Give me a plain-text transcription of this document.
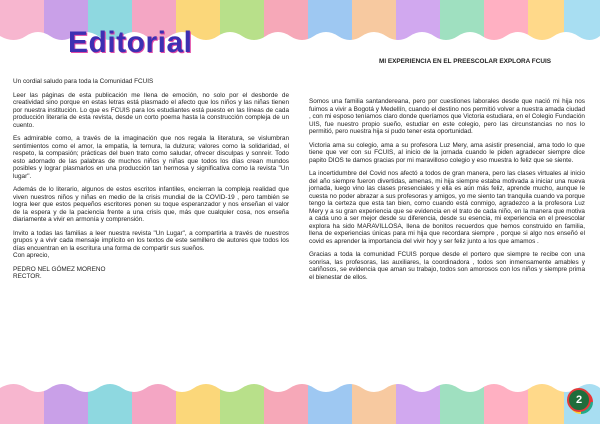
Editorial
MI EXPERIENCIA EN EL PREESCOLAR EXPLORA FCUIS

Un cordial saludo para toda la Comunidad FCUIS

Leer las páginas de esta publicación me llena de emoción, no solo por el desborde de creatividad sino porque en estas letras está plasmado el afecto que los niños y las niñas tienen por nuestra institución. Lo que es FCUIS para los estudiantes está puesto en las líneas de cada producción literaria de esta revista, desde un corto poema hasta la construcción compleja de un cuento.

Es admirable como, a través de la imaginación que nos regala la literatura, se vislumbran sentimientos como el amor, la empatía, la ternura, la dulzura; valores como la solidaridad, el respeto, la compasión; prácticas del buen trato como saludar, ofrecer disculpas y sonreír. Todo esto adornado de las palabras de muchos niños y niñas que todos los días crean mundos posibles y lograr plasmarlos en una producción tan hermosa y significativa como la revista "Un lugar".

Además de lo literario, algunos de estos escritos infantiles, encierran la compleja realidad que viven nuestros niños y niñas en medio de la crisis mundial de la COVID-19 , pero también se logra leer que estos pequeños escritores ponen su toque esperanzador y nos enseñan el valor de la espera y de la paciencia frente a una crisis que, más que cualquier cosa, nos enseña diariamente a vivir en armonía y comprensión.

Invito a todas las familias a leer nuestra revista "Un Lugar", a compartirla a través de nuestros grupos y a vivir cada mensaje implícito en los textos de este semillero de autores que todos los días encuentran en la escritura una forma de compartir sus sueños.

Con aprecio,

PEDRO NEL GÓMEZ MORENO

RECTOR.

Somos una familia santandereana, pero por cuestiones laborales desde que nació mi hija nos fuimos a vivir a Bogotá y Medellín, cuando el destino nos permitió volver a nuestra amada ciudad , con mi esposo teníamos claro donde queríamos que Victoria estudiara, en el Colegio Fundación UIS, fue nuestro propio sueño, estudiar en este colegio, pero las circunstancias no nos lo permitió, pero nuestra hija si pudo tener esta oportunidad.

Victoria ama su colegio, ama a su profesora Luz Mery, ama asistir presencial, ama todo lo que tiene que ver con su FCUIS, al inicio de la jornada cuando le piden agradecer siempre dice papito DIOS te damos gracias por mi maravilloso colegio y eso muestra lo feliz que se siente.

La incertidumbre del Covid nos afectó a todos de gran manera, pero las clases virtuales al inicio del año siempre fueron divertidas, amenas, mi hija siempre estaba motivada a iniciar una nueva jornada, luego vino las clases presenciales y ella es aún más feliz, aprende mucho, aunque le cuesta no poder abrazar a sus profesoras y amigos, yo me siento tan tranquila cuando va porque tengo la certeza que esta tan bien, como cuando está conmigo, agradezco a la profesora Luz Mery y a su gran experiencia que se evidencia en el trato de cada niño, en la manera que motiva a cada uno a ser mejor desde su diferencia, desde su esencia, mi experiencia en el preescolar explora ha sido MARAVILLOSA, llena de bonitos recuerdos que hemos construido en familia, llena de experiencias únicas para mi hija que recordara siempre , porque si algo nos enseñó el covid es aprender la importancia del vivir hoy y ser feliz junto a los que amamos .

Gracias a toda la comunidad FCUIS porque desde el portero que siempre te recibe con una sonrisa, las profesoras, las auxiliares, la coordinadora , todos son inmensamente amables y cariñosos, se evidencia que aman su trabajo, todos son amorosos con los niños y siempre prima el bienestar de ellos.

2
